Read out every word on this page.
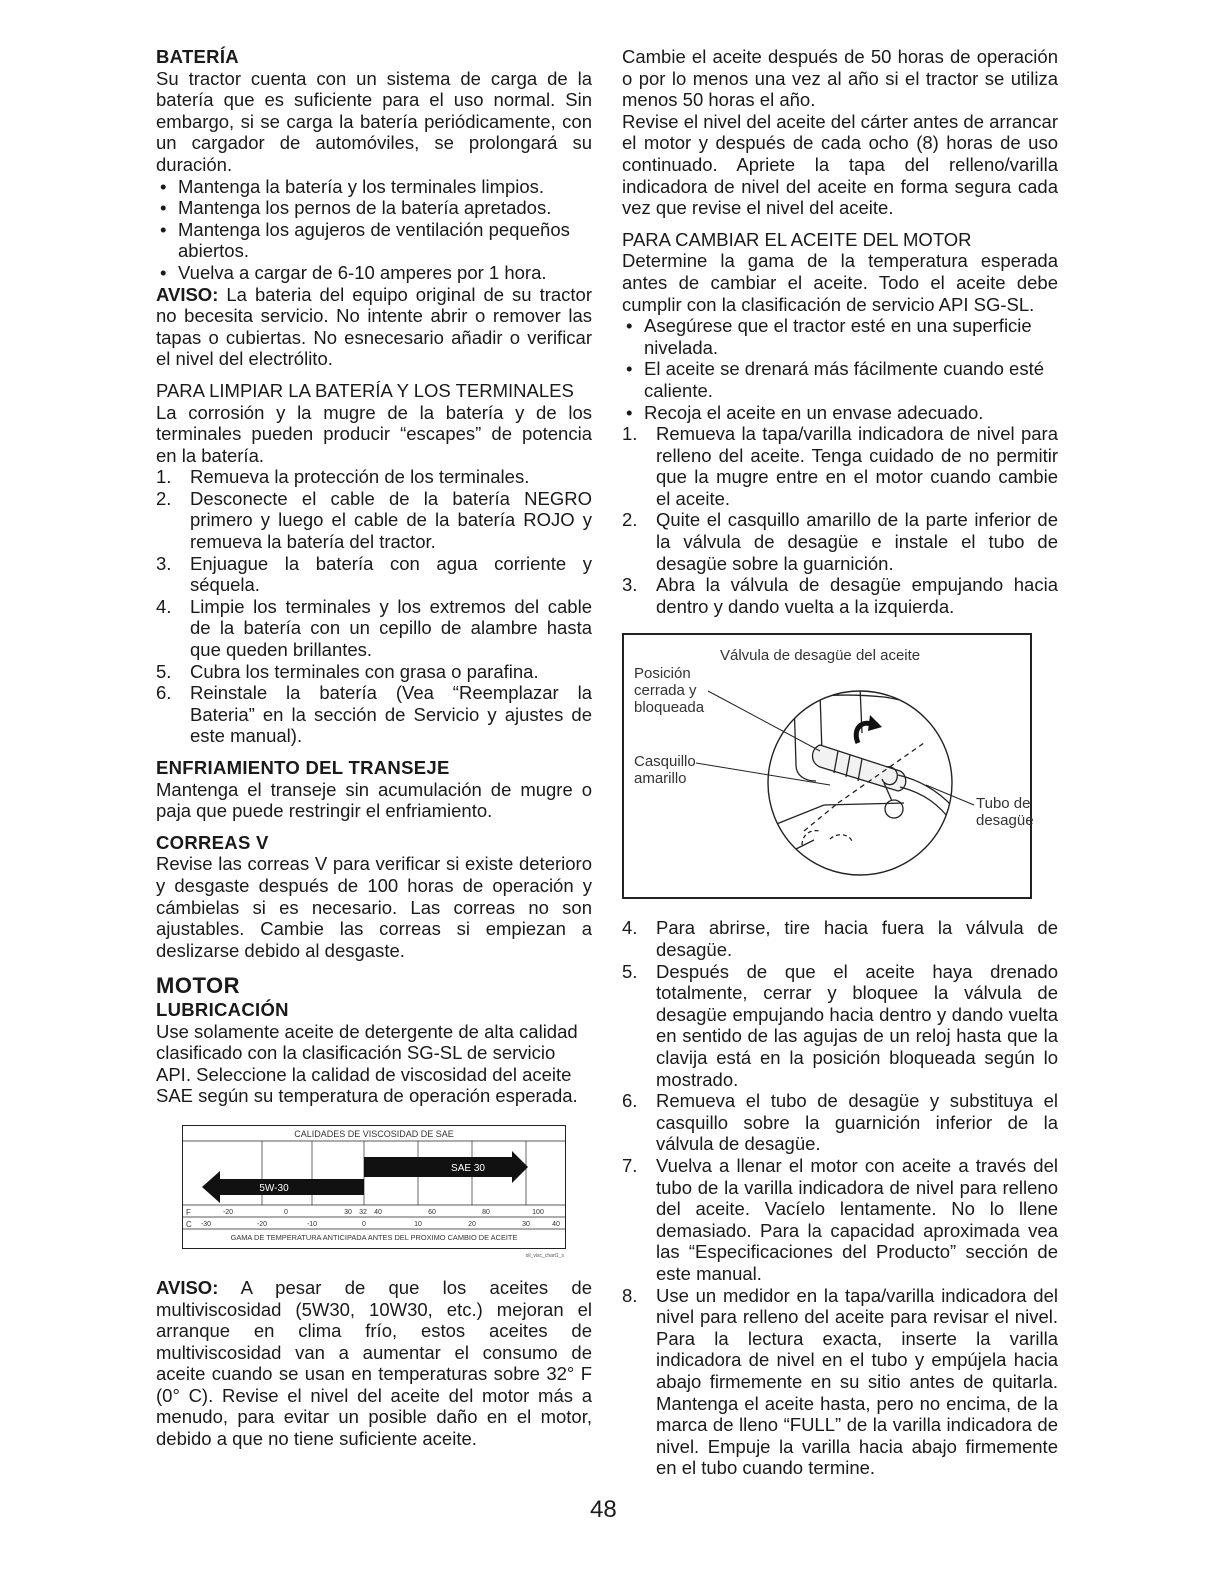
BATERÍA

Su tractor cuenta con un sistema de carga de la batería que es suficiente para el uso normal. Sin embargo, si se carga la batería periódicamente, con un cargador de automóviles, se prolongará su duración.

• Mantenga la batería y los terminales limpios.
• Mantenga los pernos de la batería apretados.
• Mantenga los agujeros de ventilación pequeños abiertos.
• Vuelva a cargar de 6-10 amperes por 1 hora.

AVISO: La bateria del equipo original de su tractor no becesita servicio. No intente abrir o remover las tapas o cubiertas. No esnecesario añadir o verificar el nivel del electrólito.

PARA LIMPIAR LA BATERÍA Y LOS TERMINALES

La corrosión y la mugre de la batería y de los terminales pueden producir “escapes” de potencia en la batería.

1.	Remueva la protección de los terminales.
2.	Desconecte el cable de la batería NEGRO primero y luego el cable de la batería ROJO y remueva la batería del tractor.
3.	Enjuague la batería con agua corriente y séquela.
4.	Limpie los terminales y los extremos del cable de la batería con un cepillo de alambre hasta que queden brillantes.
5.	Cubra los terminales con grasa o parafina.
6.	Reinstale la batería (Vea “Reemplazar la Bateria” en la sección de Servicio y ajustes de este manual).
ENFRIAMIENTO DEL TRANSEJE

Mantenga el transeje sin acumulación de mugre o paja que puede restringir el enfriamiento.

CORREAS V

Revise las correas V para verificar si existe deterioro y desgaste después de 100 horas de operación y cámbielas si es necesario. Las correas no son ajustables. Cambie las correas si empiezan a deslizarse debido al desgaste.

MOTOR
LUBRICACIÓN

Use solamente aceite de detergente de alta calidad clasificado con la clasificación SG-SL de servicio API. Seleccione la calidad de viscosidad del aceite SAE según su temperatura de operación esperada.

CALIDADES DE VISCOSIDAD DE SAE
SAE 30
5W-30
F	-20	0	30 32 40	60	80	100
C -30	-20	-10	0	10	20	30	40
GAMA DE TEMPERATURA ANTICIPADA ANTES DEL PROXIMO CAMBIO DE ACEITE
oil_visc_chart1_s

AVISO: A pesar de que los aceites de multiviscosidad (5W30, 10W30, etc.) mejoran el arranque en clima frío, estos aceites de multiviscosidad van a aumentar el consumo de aceite cuando se usan en temperaturas sobre 32° F (0° C). Revise el nivel del aceite del motor más a menudo, para evitar un posible daño en el motor, debido a que no tiene suficiente aceite.

Cambie el aceite después de 50 horas de operación o por lo menos una vez al año si el tractor se utiliza menos 50 horas el año.

Revise el nivel del aceite del cárter antes de arrancar el motor y después de cada ocho (8) horas de uso continuado. Apriete la tapa del relleno/varilla indicadora de nivel del aceite en forma segura cada vez que revise el nivel del aceite.

PARA CAMBIAR EL ACEITE DEL MOTOR

Determine la gama de la temperatura esperada antes de cambiar el aceite. Todo el aceite debe cumplir con la clasificación de servicio API SG-SL.

• Asegúrese que el tractor esté en una superficie nivelada.
• El aceite se drenará más fácilmente cuando esté caliente.
• Recoja el aceite en un envase adecuado.
1.	Remueva la tapa/varilla indicadora de nivel para relleno del aceite. Tenga cuidado de no permitir que la mugre entre en el motor cuando cambie el aceite.
2.	Quite el casquillo amarillo de la parte inferior de la válvula de desagüe e instale el tubo de desagüe sobre la guarnición.
3.	Abra la válvula de desagüe empujando hacia dentro y dando vuelta a la izquierda.
Válvula de desagüe del aceite
Posición
cerrada y
bloqueada
Casquillo
amarillo
Tubo de
desagüe
4.	Para abrirse, tire hacia fuera la válvula de desagüe.
5.	Después de que el aceite haya drenado totalmente, cerrar y bloquee la válvula de desagüe empujando hacia dentro y dando vuelta en sentido de las agujas de un reloj hasta que la clavija está en la posición bloqueada según lo mostrado.
6.	Remueva el tubo de desagüe y substituya el casquillo sobre la guarnición inferior de la válvula de desagüe.
7.	Vuelva a llenar el motor con aceite a través del tubo de la varilla indicadora de nivel para relleno del aceite. Vacíelo lentamente. No lo llene demasiado. Para la capacidad aproximada vea las “Especificaciones del Producto” sección de este manual.
8.	Use un medidor en la tapa/varilla indicadora del nivel para relleno del aceite para revisar el nivel. Para la lectura exacta, inserte la varilla indicadora de nivel en el tubo y empújela hacia abajo firmemente en su sitio antes de quitarla. Mantenga el aceite hasta, pero no encima, de la marca de lleno “FULL” de la varilla indicadora de nivel. Empuje la varilla hacia abajo firmemente en el tubo cuando termine.
48
